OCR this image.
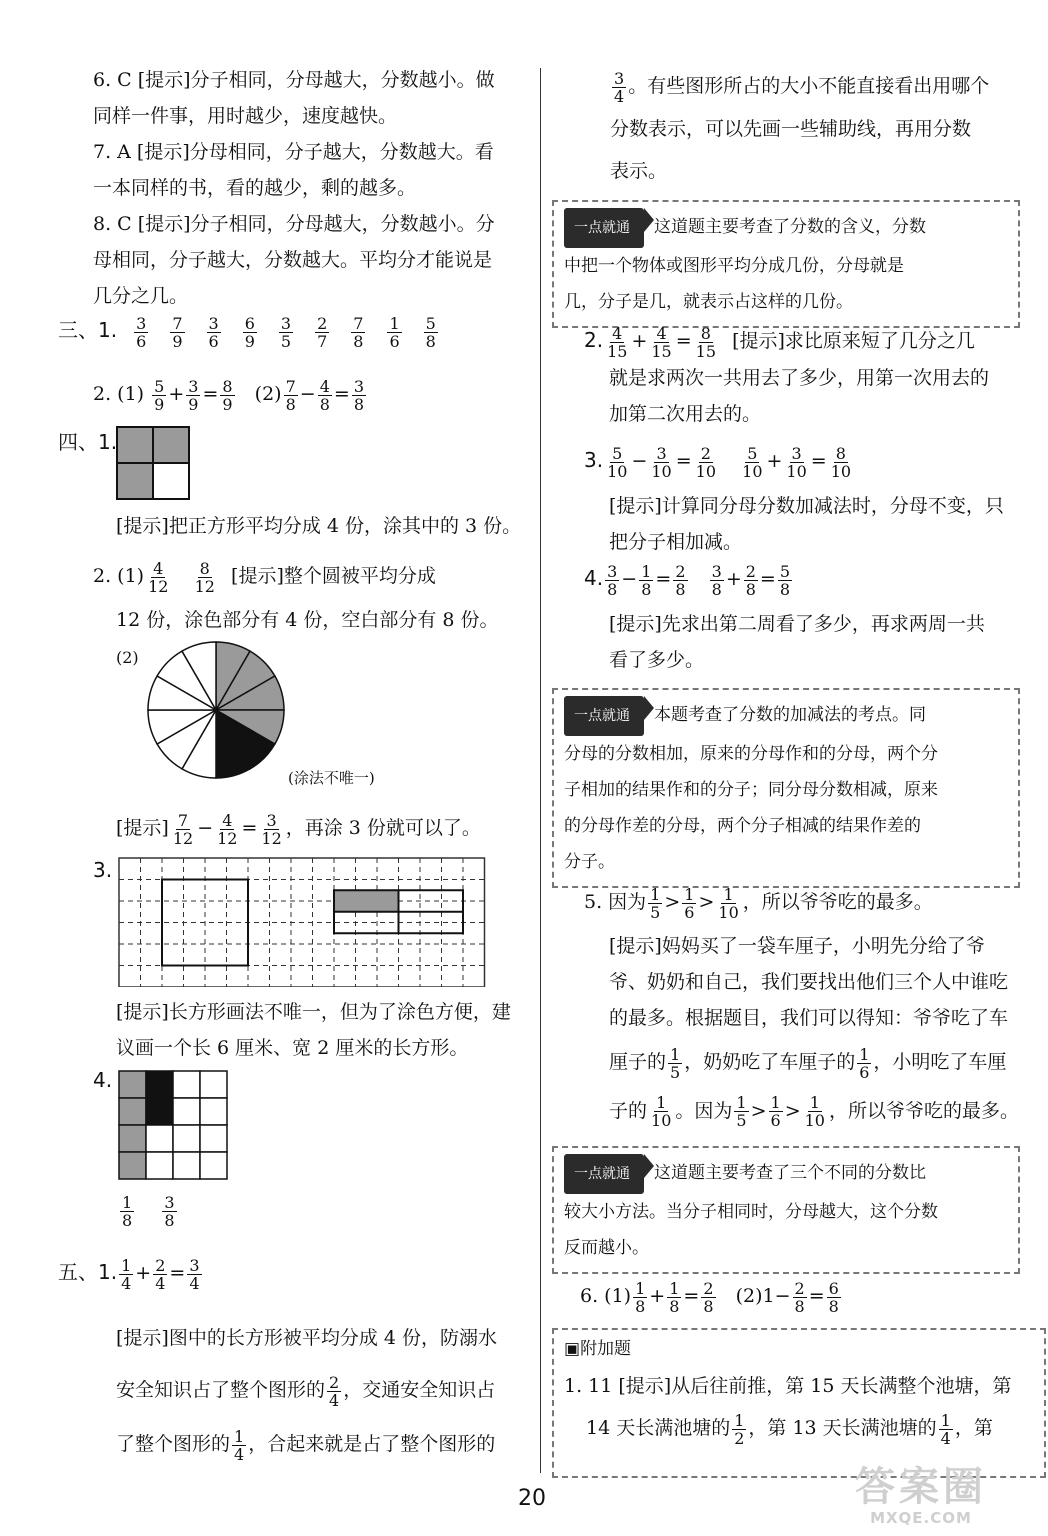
6. C [提示]分子相同，分母越大，分数越小。做
同样一件事，用时越少，速度越快。
7. A [提示]分母相同，分子越大，分数越大。看
一本同样的书，看的越少，剩的越多。
8. C [提示]分子相同，分母越大，分数越小。分
母相同，分子越大，分数越大。平均分才能说是
几分之几。
三、1. $\frac{3}{6} \frac{7}{9} \frac{3}{6} \frac{6}{9} \frac{3}{5} \frac{2}{7} \frac{7}{8} \frac{1}{6} \frac{5}{8}$
2. $(1) \frac{5}{9} + \frac{3}{9} = \frac{8}{9} (2) \frac{7}{8} - \frac{4}{8} = \frac{3}{8}$
四、1.
[提示]把正方形平均分成 4 份，涂其中的 3 份。
2. $(1) \frac{4}{12}$
$\frac{8}{12}$ [提示]整个圆被平均分成
12 份，涂色部分有 4 份，空白部分有 8 份。
(2)
(涂法不唯一)
[提示] $\frac{7}{12} - \frac{4}{12} = \frac{3}{12}$ ，再涂 3 份就可以了。
3.
[提示]长方形画法不唯一，但为了涂色方便，建
议画一个长 6 厘米、宽 2 厘米的长方形。
4.
$\frac{1}{8}$
$\frac{3}{8}$
五、1. $\frac{1}{4} + \frac{2}{4} = \frac{3}{4}$
[提示]图中的长方形被平均分成 4 份，防溺水
安全知识占了整个图形的 $\frac{2}{4}$ ，交通安全知识占
了整个图形的 $\frac{1}{4}$ ，合起来就是占了整个图形的
$\frac{3}{4}$ 。有些图形所占的大小不能直接看出用哪个
分数表示，可以先画一些辅助线，再用分数
表示。
一点就通 这道题主要考查了分数的含义，分数
中把一个物体或图形平均分成几份，分母就是
几，分子是几，就表示占这样的几份。
2. $\frac{4}{15} + \frac{4}{15} = \frac{8}{15}$ [提示]求比原来短了几分之几
就是求两次一共用去了多少，用第一次用去的
加第二次用去的。
3. $\frac{5}{10} - \frac{3}{10} = \frac{2}{10}$
$\frac{5}{10} + \frac{3}{10} = \frac{8}{10}$
[提示]计算同分母分数加减法时，分母不变，只
把分子相加减。
4. $\frac{3}{8} - \frac{1}{8} = \frac{2}{8}$
$\frac{3}{8} + \frac{2}{8} = \frac{5}{8}$
[提示]先求出第二周看了多少，再求两周一共
看了多少。
一点就通 本题考查了分数的加减法的考点。同
分母的分数相加，原来的分母作和的分母，两个分
子相加的结果作和的分子；同分母分数相减，原来
的分母作差的分母，两个分子相减的结果作差的
分子。
5. 因为 $\frac{1}{5} > \frac{1}{6} > \frac{1}{10}$ ，所以爷爷吃的最多。
[提示]妈妈买了一袋车厘子，小明先分给了爷
爷、奶奶和自己，我们要找出他们三个人中谁吃
的最多。根据题目，我们可以得知：爷爷吃了车
厘子的 $\frac{1}{5}$ ，奶奶吃了车厘子的 $\frac{1}{6}$ ，小明吃了车厘
子的 $\frac{1}{10}$ 。因为 $\frac{1}{5} > \frac{1}{6} > \frac{1}{10}$ ，所以爷爷吃的最多。
一点就通 这道题主要考查了三个不同的分数比
较大小方法。当分子相同时，分母越大，这个分数
反而越小。
6. $(1) \frac{1}{8} + \frac{1}{8} = \frac{2}{8} (2)1- \frac{2}{8} = \frac{6}{8}$
▣附加题
1. 11 [提示]从后往前推，第 15 天长满整个池塘，第
14 天长满池塘的 $\frac{1}{2}$ ，第 13 天长满池塘的 $\frac{1}{4}$ ，第
20	答案圈
MXQE.COM
